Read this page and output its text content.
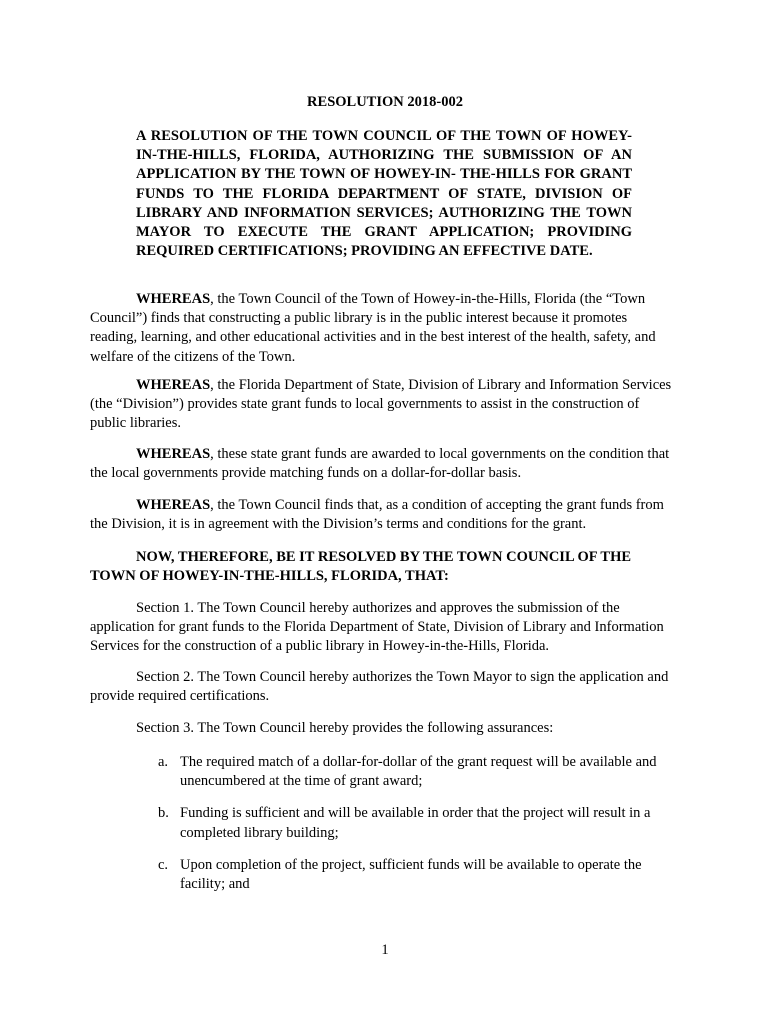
RESOLUTION 2018-002
A RESOLUTION OF THE TOWN COUNCIL OF THE TOWN OF HOWEY-IN-THE-HILLS, FLORIDA, AUTHORIZING THE SUBMISSION OF AN APPLICATION BY THE TOWN OF HOWEY-IN- THE-HILLS FOR GRANT FUNDS TO THE FLORIDA DEPARTMENT OF STATE, DIVISION OF LIBRARY AND INFORMATION SERVICES; AUTHORIZING THE TOWN MAYOR TO EXECUTE THE GRANT APPLICATION; PROVIDING REQUIRED CERTIFICATIONS; PROVIDING AN EFFECTIVE DATE.

WHEREAS, the Town Council of the Town of Howey-in-the-Hills, Florida (the “Town Council”) finds that constructing a public library is in the public interest because it promotes reading, learning, and other educational activities and in the best interest of the health, safety, and welfare of the citizens of the Town.

WHEREAS, the Florida Department of State, Division of Library and Information Services (the “Division”) provides state grant funds to local governments to assist in the construction of public libraries.

WHEREAS, these state grant funds are awarded to local governments on the condition that the local governments provide matching funds on a dollar-for-dollar basis.

WHEREAS, the Town Council finds that, as a condition of accepting the grant funds from the Division, it is in agreement with the Division’s terms and conditions for the grant.

NOW, THEREFORE, BE IT RESOLVED BY THE TOWN COUNCIL OF THE TOWN OF HOWEY-IN-THE-HILLS, FLORIDA, THAT:

Section 1. The Town Council hereby authorizes and approves the submission of the application for grant funds to the Florida Department of State, Division of Library and Information Services for the construction of a public library in Howey-in-the-Hills, Florida.

Section 2. The Town Council hereby authorizes the Town Mayor to sign the application and provide required certifications.

Section 3. The Town Council hereby provides the following assurances:

a. The required match of a dollar-for-dollar of the grant request will be available and unencumbered at the time of grant award;
b. Funding is sufficient and will be available in order that the project will result in a completed library building;
c. Upon completion of the project, sufficient funds will be available to operate the facility; and
1
